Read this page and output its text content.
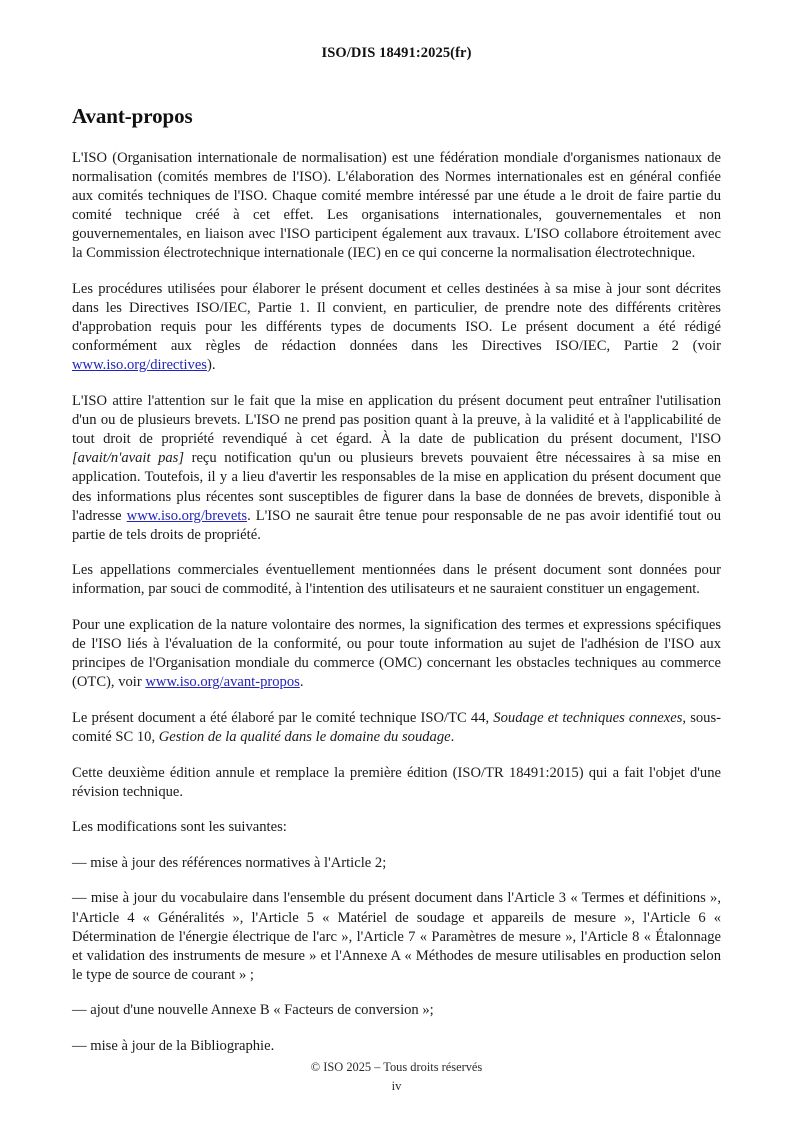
ISO/DIS 18491:2025(fr)
Avant-propos

L'ISO (Organisation internationale de normalisation) est une fédération mondiale d'organismes nationaux de normalisation (comités membres de l'ISO). L'élaboration des Normes internationales est en général confiée aux comités techniques de l'ISO. Chaque comité membre intéressé par une étude a le droit de faire partie du comité technique créé à cet effet. Les organisations internationales, gouvernementales et non gouvernementales, en liaison avec l'ISO participent également aux travaux. L'ISO collabore étroitement avec la Commission électrotechnique internationale (IEC) en ce qui concerne la normalisation électrotechnique.

Les procédures utilisées pour élaborer le présent document et celles destinées à sa mise à jour sont décrites dans les Directives ISO/IEC, Partie 1. Il convient, en particulier, de prendre note des différents critères d'approbation requis pour les différents types de documents ISO. Le présent document a été rédigé conformément aux règles de rédaction données dans les Directives ISO/IEC, Partie 2 (voir www.iso.org/directives).

L'ISO attire l'attention sur le fait que la mise en application du présent document peut entraîner l'utilisation d'un ou de plusieurs brevets. L'ISO ne prend pas position quant à la preuve, à la validité et à l'applicabilité de tout droit de propriété revendiqué à cet égard. À la date de publication du présent document, l'ISO [avait/n'avait pas] reçu notification qu'un ou plusieurs brevets pouvaient être nécessaires à sa mise en application. Toutefois, il y a lieu d'avertir les responsables de la mise en application du présent document que des informations plus récentes sont susceptibles de figurer dans la base de données de brevets, disponible à l'adresse www.iso.org/brevets. L'ISO ne saurait être tenue pour responsable de ne pas avoir identifié tout ou partie de tels droits de propriété.

Les appellations commerciales éventuellement mentionnées dans le présent document sont données pour information, par souci de commodité, à l'intention des utilisateurs et ne sauraient constituer un engagement.

Pour une explication de la nature volontaire des normes, la signification des termes et expressions spécifiques de l'ISO liés à l'évaluation de la conformité, ou pour toute information au sujet de l'adhésion de l'ISO aux principes de l'Organisation mondiale du commerce (OMC) concernant les obstacles techniques au commerce (OTC), voir www.iso.org/avant-propos.

Le présent document a été élaboré par le comité technique ISO/TC 44, Soudage et techniques connexes, sous-comité SC 10, Gestion de la qualité dans le domaine du soudage.

Cette deuxième édition annule et remplace la première édition (ISO/TR 18491:2015) qui a fait l'objet d'une révision technique.

Les modifications sont les suivantes:

— mise à jour des références normatives à l'Article 2;

— mise à jour du vocabulaire dans l'ensemble du présent document dans l'Article 3 « Termes et définitions », l'Article 4 « Généralités », l'Article 5 « Matériel de soudage et appareils de mesure », l'Article 6 « Détermination de l'énergie électrique de l'arc », l'Article 7 « Paramètres de mesure », l'Article 8 « Étalonnage et validation des instruments de mesure » et l'Annexe A « Méthodes de mesure utilisables en production selon le type de source de courant » ;

— ajout d'une nouvelle Annexe B « Facteurs de conversion »;

— mise à jour de la Bibliographie.

© ISO 2025 – Tous droits réservés
iv
